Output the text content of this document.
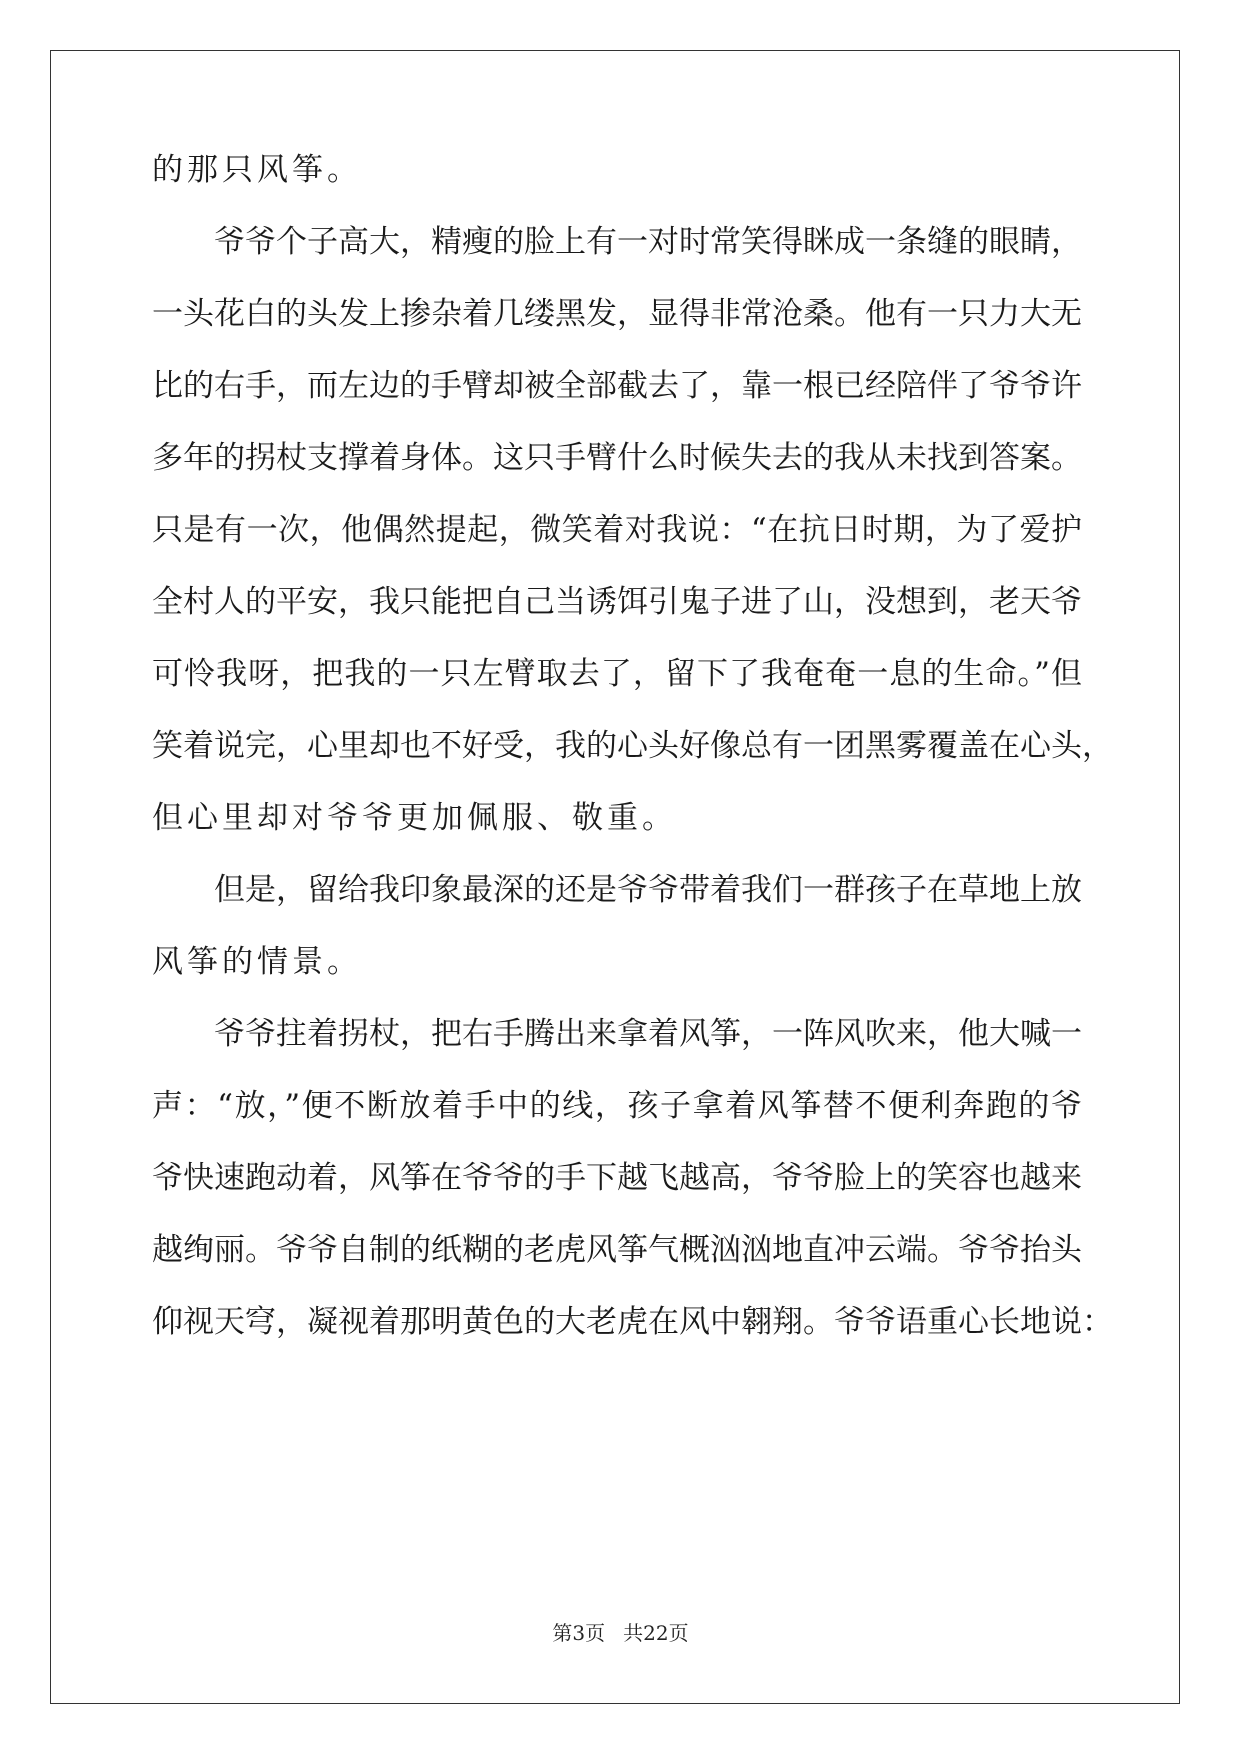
的那只风筝。
爷爷个子高大，精瘦的脸上有一对时常笑得眯成一条缝的眼睛，
一头花白的头发上掺杂着几缕黑发，显得非常沧桑。他有一只力大无
比的右手，而左边的手臂却被全部截去了，靠一根已经陪伴了爷爷许
多年的拐杖支撑着身体。这只手臂什么时候失去的我从未找到答案。
只是有一次，他偶然提起，微笑着对我说：“在抗日时期，为了爱护
全村人的平安，我只能把自己当诱饵引鬼子进了山，没想到，老天爷
可怜我呀，把我的一只左臂取去了，留下了我奄奄一息的生命。”但
笑着说完，心里却也不好受，我的心头好像总有一团黑雾覆盖在心头，
但心里却对爷爷更加佩服、敬重。
但是，留给我印象最深的还是爷爷带着我们一群孩子在草地上放
风筝的情景。
爷爷拄着拐杖，把右手腾出来拿着风筝，一阵风吹来，他大喊一
声：“放，”便不断放着手中的线，孩子拿着风筝替不便利奔跑的爷
爷快速跑动着，风筝在爷爷的手下越飞越高，爷爷脸上的笑容也越来
越绚丽。爷爷自制的纸糊的老虎风筝气概汹汹地直冲云端。爷爷抬头
仰视天穹，凝视着那明黄色的大老虎在风中翱翔。爷爷语重心长地说：
第3页 共22页
